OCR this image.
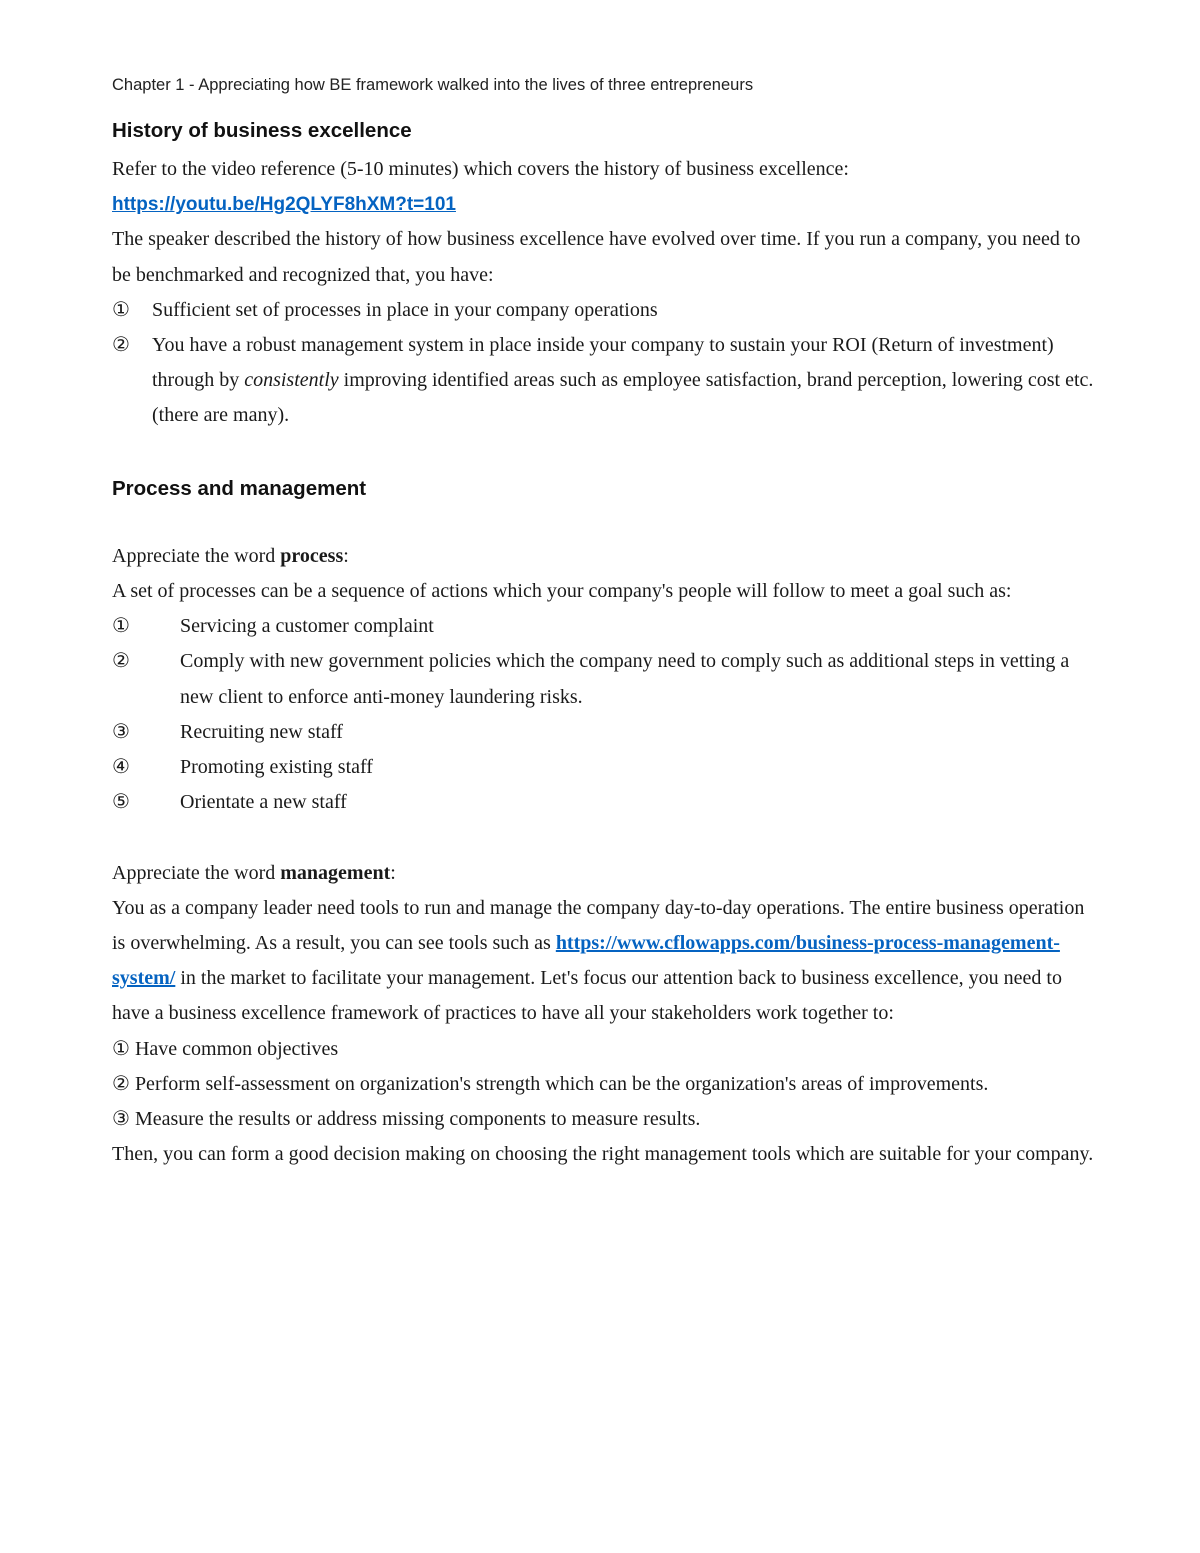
Chapter 1 - Appreciating how BE framework walked into the lives of three entrepreneurs

History of business excellence

Refer to the video reference (5-10 minutes) which covers the history of business excellence:

https://youtu.be/Hg2QLYF8hXM?t=101

The speaker described the history of how business excellence have evolved over time. If you run a company, you need to be benchmarked and recognized that, you have:

①	Sufficient set of processes in place in your company operations
②	You have a robust management system in place inside your company to sustain your ROI (Return of investment) through by consistently improving identified areas such as employee satisfaction, brand perception, lowering cost etc. (there are many).
Process and management

Appreciate the word process:

A set of processes can be a sequence of actions which your company's people will follow to meet a goal such as:

①	Servicing a customer complaint
②	Comply with new government policies which the company need to comply such as additional steps in vetting a new client to enforce anti-money laundering risks.
③	Recruiting new staff
④	Promoting existing staff
⑤	Orientate a new staff

Appreciate the word management:

You as a company leader need tools to run and manage the company day-to-day operations. The entire business operation is overwhelming. As a result, you can see tools such as https://www.cflowapps.com/business-process-management-system/ in the market to facilitate your management. Let's focus our attention back to business excellence, you need to have a business excellence framework of practices to have all your stakeholders work together to:

① Have common objectives

② Perform self-assessment on organization's strength which can be the organization's areas of improvements.

③ Measure the results or address missing components to measure results.

Then, you can form a good decision making on choosing the right management tools which are suitable for your company.
